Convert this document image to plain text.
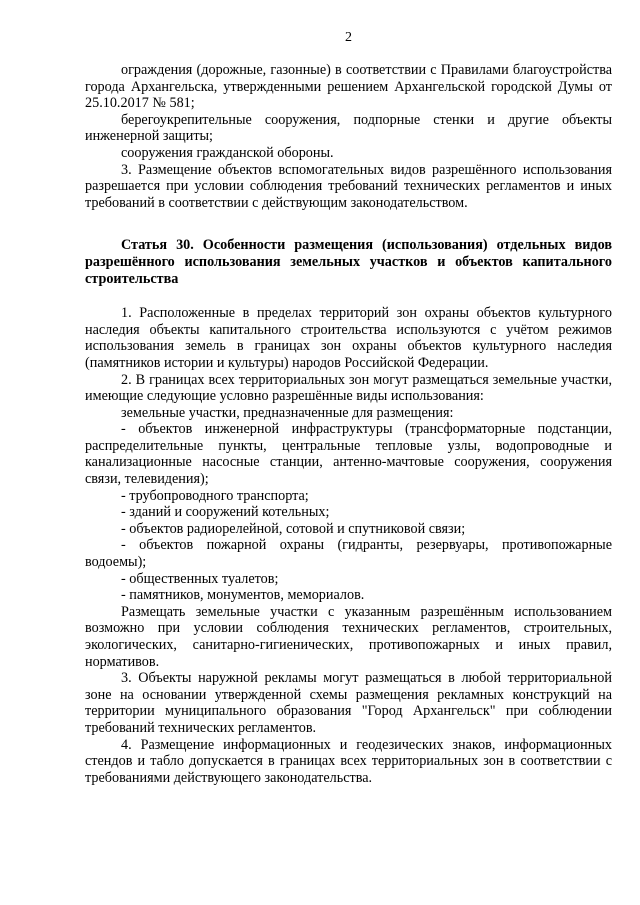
2

ограждения (дорожные, газонные) в соответствии с Правилами благоустройства города Архангельска, утвержденными решением Архангельской городской Думы от 25.10.2017 № 581;

берегоукрепительные сооружения, подпорные стенки и другие объекты инженерной защиты;

сооружения гражданской обороны.

3. Размещение объектов вспомогательных видов разрешённого использования разрешается при условии соблюдения требований технических регламентов и иных требований в соответствии с действующим законодательством.

Статья 30. Особенности размещения (использования) отдельных видов разрешённого использования земельных участков и объектов капитального строительства

1. Расположенные в пределах территорий зон охраны объектов культурного наследия объекты капитального строительства используются с учётом режимов использования земель в границах зон охраны объектов культурного наследия (памятников истории и культуры) народов Российской Федерации.

2. В границах всех территориальных зон могут размещаться земельные участки, имеющие следующие условно разрешённые виды использования:

земельные участки, предназначенные для размещения:

- объектов инженерной инфраструктуры (трансформаторные подстанции, распределительные пункты, центральные тепловые узлы, водопроводные и канализационные насосные станции, антенно-мачтовые сооружения, сооружения связи, телевидения);

- трубопроводного транспорта;

- зданий и сооружений котельных;

- объектов радиорелейной, сотовой и спутниковой связи;

- объектов пожарной охраны (гидранты, резервуары, противопожарные водоемы);

- общественных туалетов;

- памятников, монументов, мемориалов.

Размещать земельные участки с указанным разрешённым использованием возможно при условии соблюдения технических регламентов, строительных, экологических, санитарно-гигиенических, противопожарных и иных правил, нормативов.

3. Объекты наружной рекламы могут размещаться в любой территориальной зоне на основании утвержденной схемы размещения рекламных конструкций на территории муниципального образования "Город Архангельск" при соблюдении требований технических регламентов.

4. Размещение информационных и геодезических знаков, информационных стендов и табло допускается в границах всех территориальных зон в соответствии с требованиями действующего законодательства.
